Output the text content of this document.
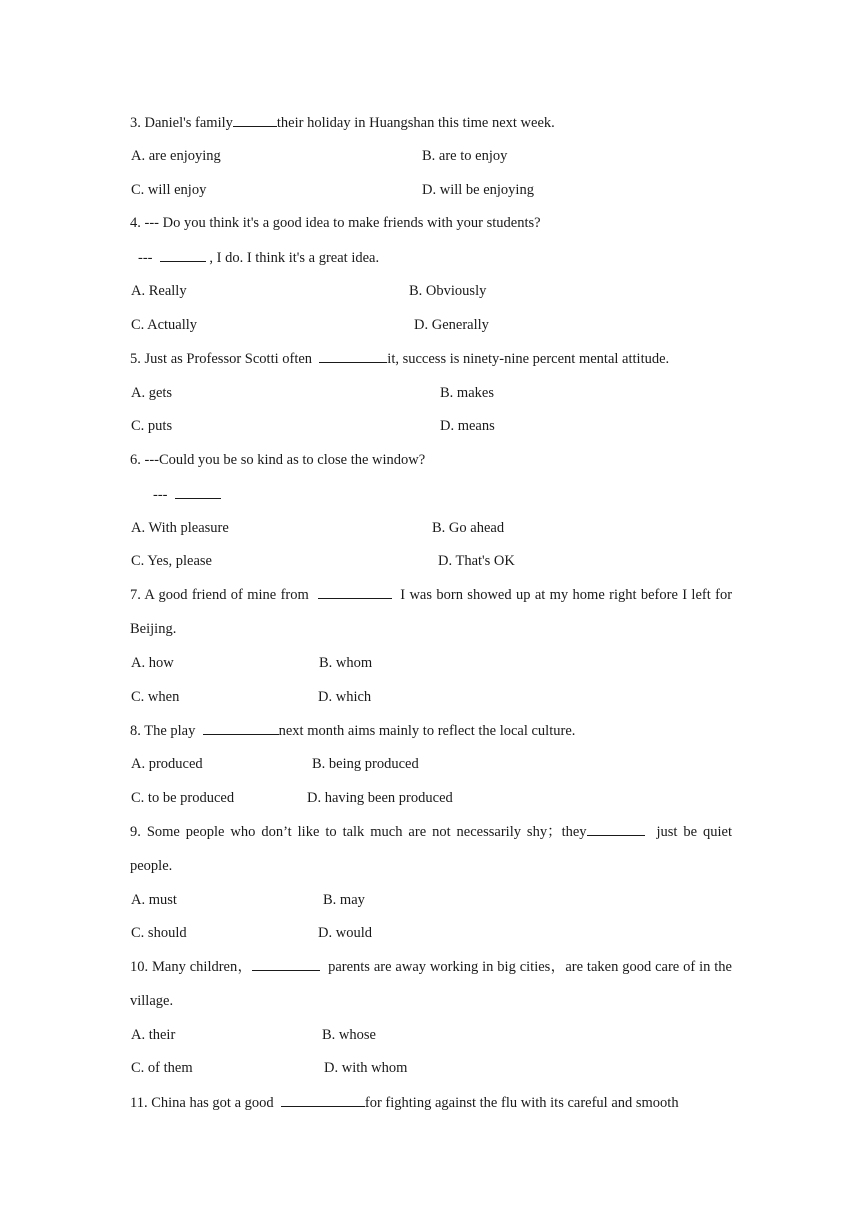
3. Daniel's family	their holiday in Huangshan this time next week.
A. are enjoying	B. are to enjoy
C. will enjoy	D. will be enjoying
4. --- Do you think it's a good idea to make friends with your students?
---	, I do. I think it's a great idea.
A. Really	B. Obviously
C. Actually	D. Generally
5. Just as Professor Scotti often	it, success is ninety-nine percent mental attitude.
A. gets	B. makes
C. puts	D. means
6. ---Could you be so kind as to close the window?
---
A. With pleasure	B. Go ahead
C. Yes, please	D. That's OK
7. A good friend of mine from	I was born showed up at my home right before I left for Beijing.
A. how	B. whom
C. when	D. which
8. The play	next month aims mainly to reflect the local culture.
A. produced	B. being produced
C. to be produced	D. having been produced
9. Some people who don’t like to talk much are not necessarily shy；they	just be quiet people.
A. must	B. may
C. should	D. would
10. Many children，	parents are away working in big cities，are taken good care of in the village.
A. their	B. whose
C. of them	D. with whom
11. China has got a good	for fighting against the flu with its careful and smooth
